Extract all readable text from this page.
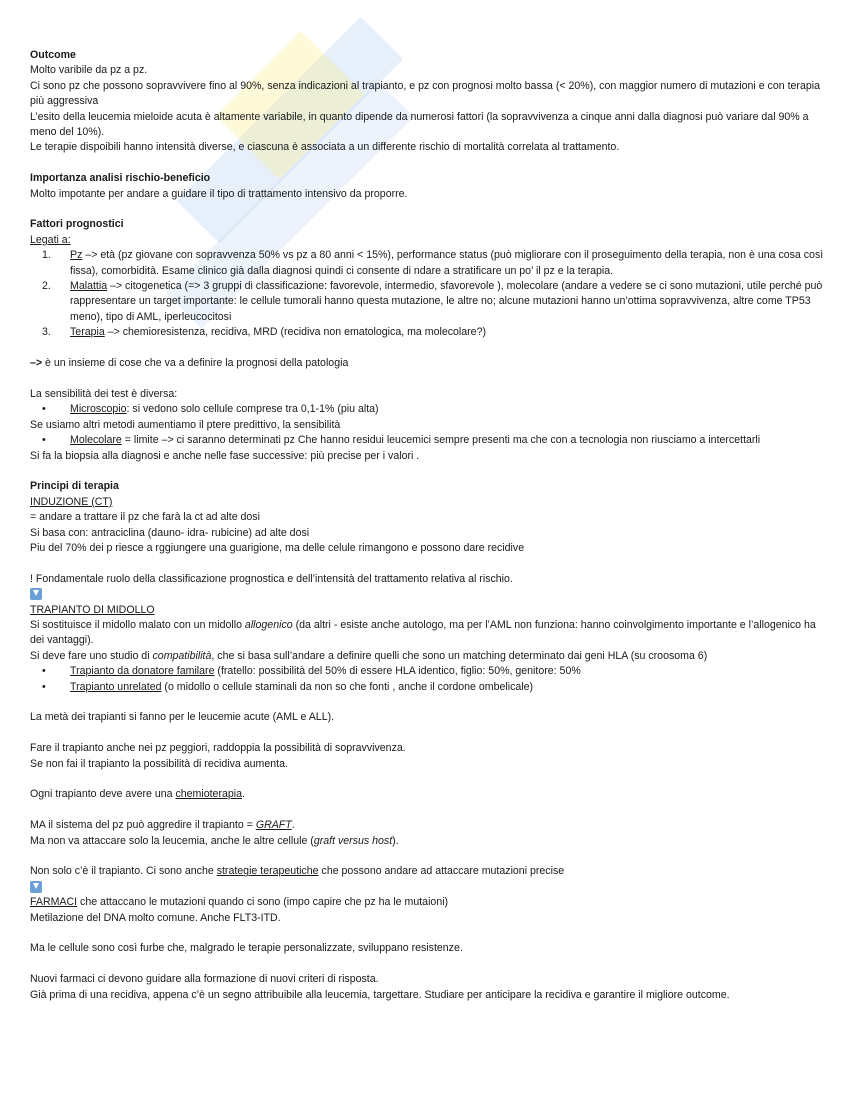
Outcome

Molto varibile da pz a pz.

Ci sono pz che possono sopravvivere fino al 90%, senza indicazioni al trapianto, e pz con prognosi molto bassa (< 20%), con maggior numero di mutazioni e con terapia più aggressiva

L’esito della leucemia mieloide acuta è altamente variabile, in quanto dipende da numerosi fattori (la sopravvivenza a cinque anni dalla diagnosi può variare dal 90% a meno del 10%).

Le terapie dispoibili hanno intensità diverse, e ciascuna è associata a un differente rischio di mortalità correlata al trattamento.

Importanza analisi rischio-beneficio

Molto impotante per andare a guidare il tipo di trattamento intensivo da proporre.

Fattori prognostici

Legati a:

1. Pz –> età (pz giovane con sopravvenza 50% vs pz a 80 anni < 15%), performance status (può migliorare con il proseguimento della terapia, non è una cosa così fissa), comorbidità. Esame clinico già dalla diagnosi quindi ci consente di ndare a stratificare un po’ il pz e la terapia.
2. Malattia –> citogenetica (=> 3 gruppi di classificazione: favorevole, intermedio, sfavorevole ), molecolare (andare a vedere se ci sono mutazioni, utile perché può rappresentare un target importante: le cellule tumorali hanno questa mutazione, le altre no; alcune mutazioni hanno un’ottima sopravvivenza, altre come TP53 meno), tipo di AML, iperleucocitosi
3. Terapia –> chemioresistenza, recidiva, MRD (recidiva non ematologica, ma molecolare?)

–> è un insieme di cose che va a definire la prognosi della patologia

La sensibilità dei test è diversa:

• Microscopio: si vedono solo cellule comprese tra 0,1-1% (piu alta)

Se usiamo altri metodi aumentiamo il ptere predittivo, la sensibilità

• Molecolare = limite –> ci saranno determinati pz Che hanno residui leucemici sempre presenti ma che con a tecnologia non riusciamo a intercettarli

Si fa la biopsia alla diagnosi e anche nelle fase successive: più precise per i valori .

Principi di terapia

INDUZIONE (CT)

= andare a trattare il pz che farà la ct ad alte dosi

Si basa con: antraciclina (dauno- idra- rubicine) ad alte dosi

Piu del 70% dei p riesce a rggiungere una guarigione, ma delle celule rimangono e possono dare recidive

! Fondamentale ruolo della classificazione prognostica e dell’intensità del trattamento relativa al rischio.

TRAPIANTO DI MIDOLLO

Si sostituisce il midollo malato con un midollo allogenico (da altri - esiste anche autologo, ma per l’AML non funziona: hanno coinvolgimento importante e l’allogenico ha dei vantaggi).

Si deve fare uno studio di compatibilità, che si basa sull’andare a definire quelli che sono un matching determinato dai geni HLA (su croosoma 6)

• Trapianto da donatore familare (fratello: possibilità del 50% di essere HLA identico, figlio: 50%, genitore: 50%
• Trapianto unrelated (o midollo o cellule staminali da non so che fonti , anche il cordone ombelicale)

La metà dei trapianti si fanno per le leucemie acute (AML e ALL).

Fare il trapianto anche nei pz peggiori, raddoppia la possibilità di sopravvivenza.

Se non fai il trapianto la possibilità di recidiva aumenta.

Ogni trapianto deve avere una chemioterapia.

MA il sistema del pz può aggredire il trapianto = GRAFT.

Ma non va attaccare solo la leucemia, anche le altre cellule (graft versus host).

Non solo c’è il trapianto. Ci sono anche strategie terapeutiche che possono andare ad attaccare mutazioni precise

FARMACI che attaccano le mutazioni quando ci sono (impo capire che pz ha le mutaioni)

Metilazione del DNA molto comune. Anche FLT3-ITD.

Ma le cellule sono così furbe che, malgrado le terapie personalizzate, sviluppano resistenze.

Nuovi farmaci ci devono guidare alla formazione di nuovi criteri di risposta.

Già prima di una recidiva, appena c’è un segno attribuibile alla leucemia, targettare. Studiare per anticipare la recidiva e garantire il migliore outcome.
